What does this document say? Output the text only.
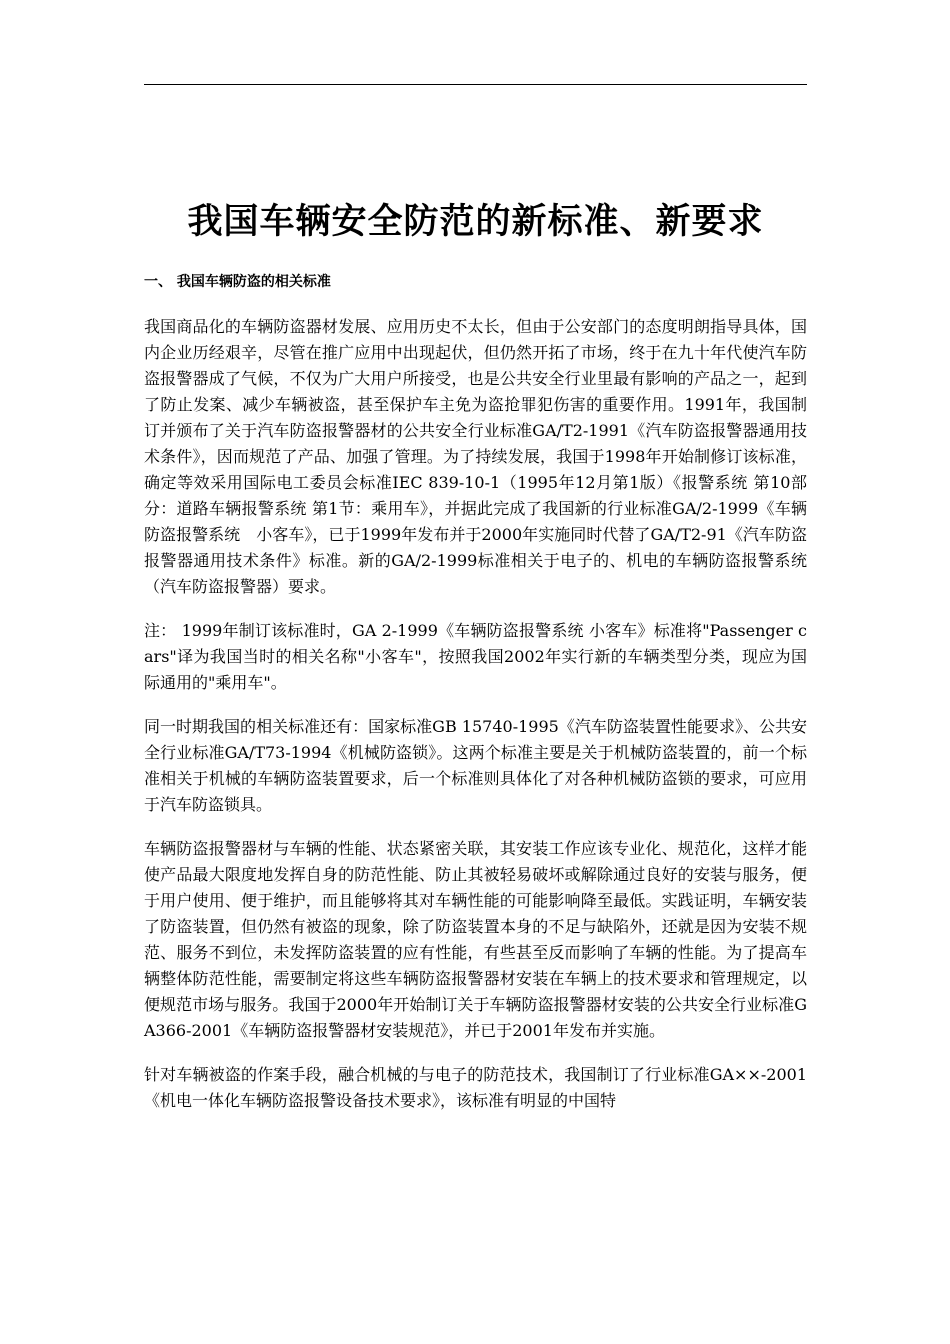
我国车辆安全防范的新标准、新要求
一、 我国车辆防盗的相关标准

我国商品化的车辆防盗器材发展、应用历史不太长，但由于公安部门的态度明朗指导具体，国内企业历经艰辛，尽管在推广应用中出现起伏，但仍然开拓了市场，终于在九十年代使汽车防盗报警器成了气候，不仅为广大用户所接受，也是公共安全行业里最有影响的产品之一，起到了防止发案、减少车辆被盗，甚至保护车主免为盗抢罪犯伤害的重要作用。1991年，我国制订并颁布了关于汽车防盗报警器材的公共安全行业标准GA/T2-1991《汽车防盗报警器通用技术条件》，因而规范了产品、加强了管理。为了持续发展，我国于1998年开始制修订该标准，确定等效采用国际电工委员会标准IEC 839-10-1（1995年12月第1版）《报警系统 第10部分：道路车辆报警系统 第1节：乘用车》，并据此完成了我国新的行业标准GA/2-1999《车辆防盗报警系统　小客车》，已于1999年发布并于2000年实施同时代替了GA/T2-91《汽车防盗报警器通用技术条件》标准。新的GA/2-1999标准相关于电子的、机电的车辆防盗报警系统（汽车防盗报警器）要求。

注： 1999年制订该标准时，GA 2-1999《车辆防盗报警系统 小客车》标准将"Passenger cars"译为我国当时的相关名称"小客车"，按照我国2002年实行新的车辆类型分类，现应为国际通用的"乘用车"。

同一时期我国的相关标准还有：国家标准GB 15740-1995《汽车防盗装置性能要求》、公共安全行业标准GA/T73-1994《机械防盗锁》。这两个标准主要是关于机械防盗装置的，前一个标准相关于机械的车辆防盗装置要求，后一个标准则具体化了对各种机械防盗锁的要求，可应用于汽车防盗锁具。

车辆防盗报警器材与车辆的性能、状态紧密关联，其安装工作应该专业化、规范化，这样才能使产品最大限度地发挥自身的防范性能、防止其被轻易破坏或解除通过良好的安装与服务，便于用户使用、便于维护，而且能够将其对车辆性能的可能影响降至最低。实践证明，车辆安装了防盗装置，但仍然有被盗的现象，除了防盗装置本身的不足与缺陷外，还就是因为安装不规范、服务不到位，未发挥防盗装置的应有性能，有些甚至反而影响了车辆的性能。为了提高车辆整体防范性能，需要制定将这些车辆防盗报警器材安装在车辆上的技术要求和管理规定，以便规范市场与服务。我国于2000年开始制订关于车辆防盗报警器材安装的公共安全行业标准GA366-2001《车辆防盗报警器材安装规范》，并已于2001年发布并实施。

针对车辆被盗的作案手段，融合机械的与电子的防范技术，我国制订了行业标准GA××-2001《机电一体化车辆防盗报警设备技术要求》，该标准有明显的中国特
